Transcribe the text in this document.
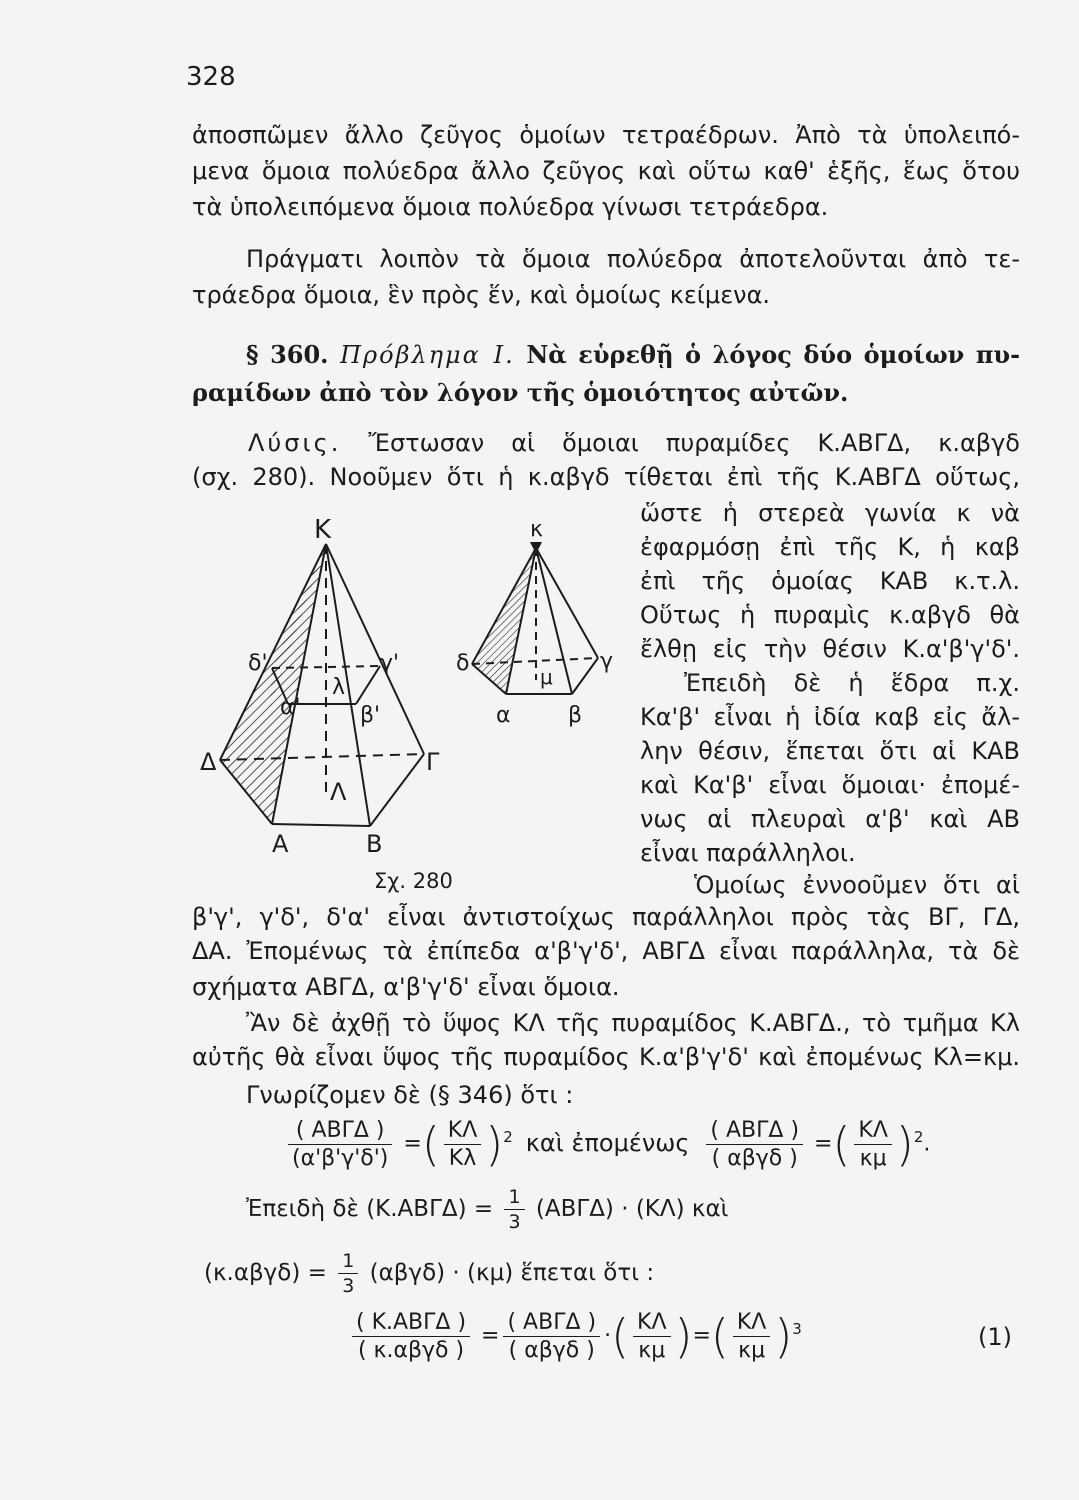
328
ἀποσπῶμεν ἄλλο ζεῦγος ὁμοίων τετραέδρων. Ἀπὸ τὰ ὑπολειπό-
μενα ὅμοια πολύεδρα ἄλλο ζεῦγος καὶ οὕτω καθ' ἑξῆς, ἕως ὅτου
τὰ ὑπολειπόμενα ὅμοια πολύεδρα γίνωσι τετράεδρα.
Πράγματι λοιπὸν τὰ ὅμοια πολύεδρα ἀποτελοῦνται ἀπὸ τε-
τράεδρα ὅμοια, ἓν πρὸς ἕν, καὶ ὁμοίως κείμενα.
§ 360. Πρόβλημα Ι. Νὰ εὑρεθῇ ὁ λόγος δύο ὁμοίων πυ-
ραμίδων ἀπὸ τὸν λόγον τῆς ὁμοιότητος αὐτῶν.
Λύσις. Ἔστωσαν αἱ ὅμοιαι πυραμίδες Κ.ΑΒΓΔ, κ.αβγδ
(σχ. 280). Νοοῦμεν ὅτι ἡ κ.αβγδ τίθεται ἐπὶ τῆς Κ.ΑΒΓΔ οὕτως,
ὥστε ἡ στερεὰ γωνία κ νὰ
ἐφαρμόσῃ ἐπὶ τῆς Κ, ἡ καβ
ἐπὶ τῆς ὁμοίας ΚΑΒ κ.τ.λ.
Οὕτως ἡ πυραμὶς κ.αβγδ θὰ
ἔλθῃ εἰς τὴν θέσιν Κ.α'β'γ'δ'.
Ἐπειδὴ δὲ ἡ ἕδρα π.χ.
Κα'β' εἶναι ἡ ἰδία καβ εἰς ἄλ-
λην θέσιν, ἕπεται ὅτι αἱ ΚΑΒ
καὶ Κα'β' εἶναι ὅμοιαι· ἐπομέ-
νως αἱ πλευραὶ α'β' καὶ ΑΒ
εἶναι παράλληλοι.
Ὁμοίως ἐννοοῦμεν ὅτι αἱ
Κ
δ'	γ'
λ
α'	β'
Δ	Γ
Λ
Α	Β
κ
δ	γ
μ
α	β
Σχ. 280
β'γ', γ'δ', δ'α' εἶναι ἀντιστοίχως παράλληλοι πρὸς τὰς ΒΓ, ΓΔ,
ΔΑ. Ἐπομένως τὰ ἐπίπεδα α'β'γ'δ', ΑΒΓΔ εἶναι παράλληλα, τὰ δὲ
σχήματα ΑΒΓΔ, α'β'γ'δ' εἶναι ὅμοια.
Ἂν δὲ ἀχθῇ τὸ ὕψος ΚΛ τῆς πυραμίδος Κ.ΑΒΓΔ., τὸ τμῆμα Κλ
αὐτῆς θὰ εἶναι ὕψος τῆς πυραμίδος Κ.α'β'γ'δ' καὶ ἐπομένως Κλ=κμ.
Γνωρίζομεν δὲ (§ 346) ὅτι :
$\frac{\text{( ΑΒΓΔ )}}{(\alpha'\beta'\gamma'\delta')}$ =( $\frac{K\Lambda}{K\lambda} )^2$ καὶ ἐπομένως $\frac{\text{( ΑΒΓΔ )}}{\text{( αβγδ )}}$ =( $\frac{K\Lambda}{\kappa\mu} )^2$.
Ἐπειδὴ δὲ $(K.AB\Gamma\Delta) = \frac{1}{3} (AB\Gamma\Delta) \cdot (K\Lambda)$ καὶ
$(\kappa.\alpha\beta\gamma\delta) = \frac{1}{3} (\alpha\beta\gamma\delta) \cdot (\kappa\mu)$ ἕπεται ὅτι :
$\frac{\text{( Κ.ΑΒΓΔ )}}{\text{( κ.αβγδ )}} = \frac{\text{( ΑΒΓΔ )}}{\text{( αβγδ )}}$ ·( $\frac{K\Lambda}{\kappa\mu}$ )=( $\frac{K\Lambda}{\kappa\mu} )^3$	(1)
